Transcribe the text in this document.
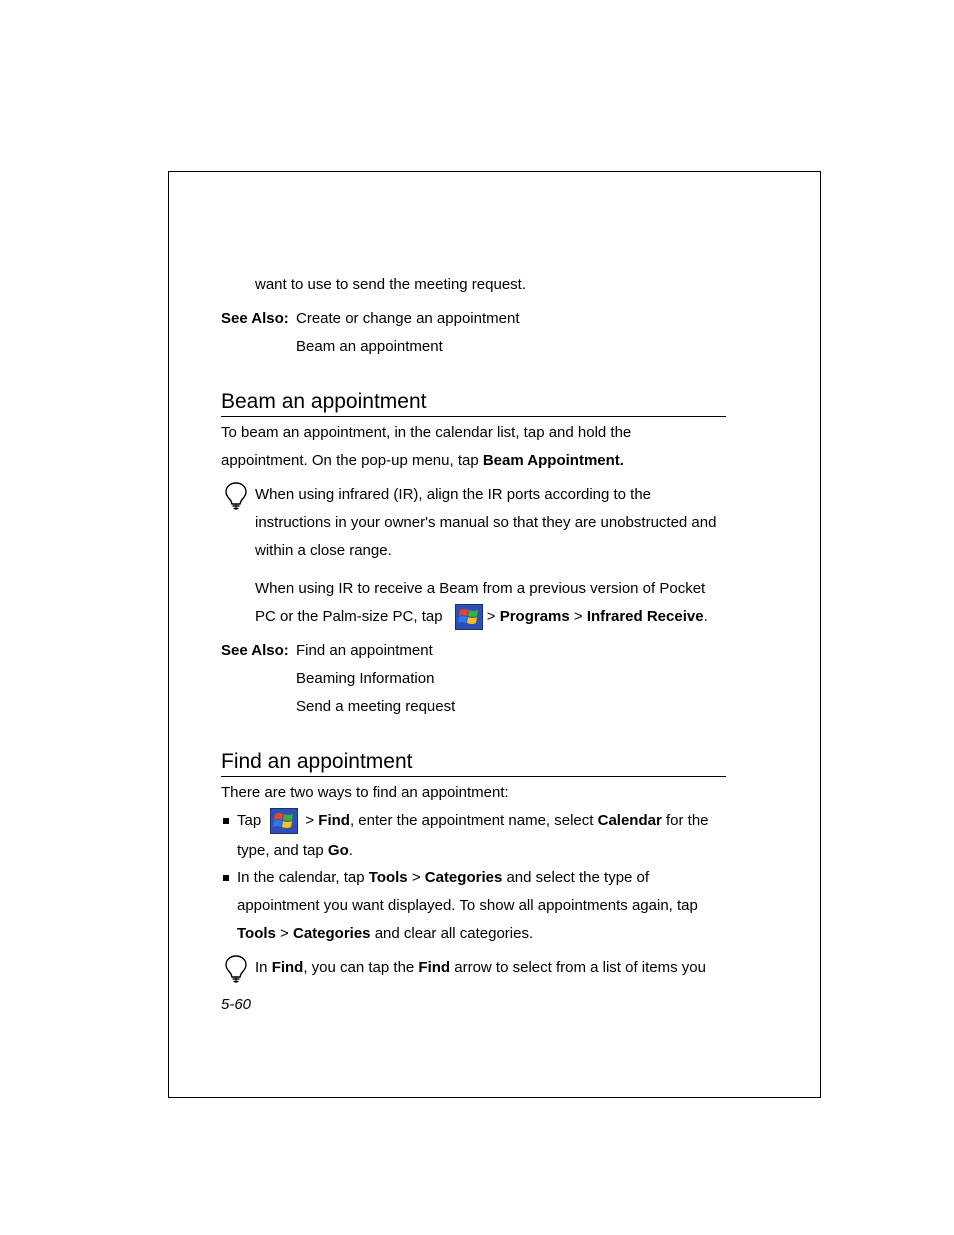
want to use to send the meeting request.
See Also: Create or change an appointment
Beam an appointment
Beam an appointment
To beam an appointment, in the calendar list, tap and hold the
appointment. On the pop-up menu, tap Beam Appointment.
When using infrared (IR), align the IR ports according to the
instructions in your owner's manual so that they are unobstructed and
within a close range.
When using IR to receive a Beam from a previous version of Pocket
PC or the Palm-size PC, tap	> Programs > Infrared Receive.
See Also: Find an appointment
Beaming Information
Send a meeting request
Find an appointment
There are two ways to find an appointment:
Tap	> Find, enter the appointment name, select Calendar for the
type, and tap Go.
In the calendar, tap Tools > Categories and select the type of
appointment you want displayed. To show all appointments again, tap
Tools > Categories and clear all categories.
In Find, you can tap the Find arrow to select from a list of items you
5-60
